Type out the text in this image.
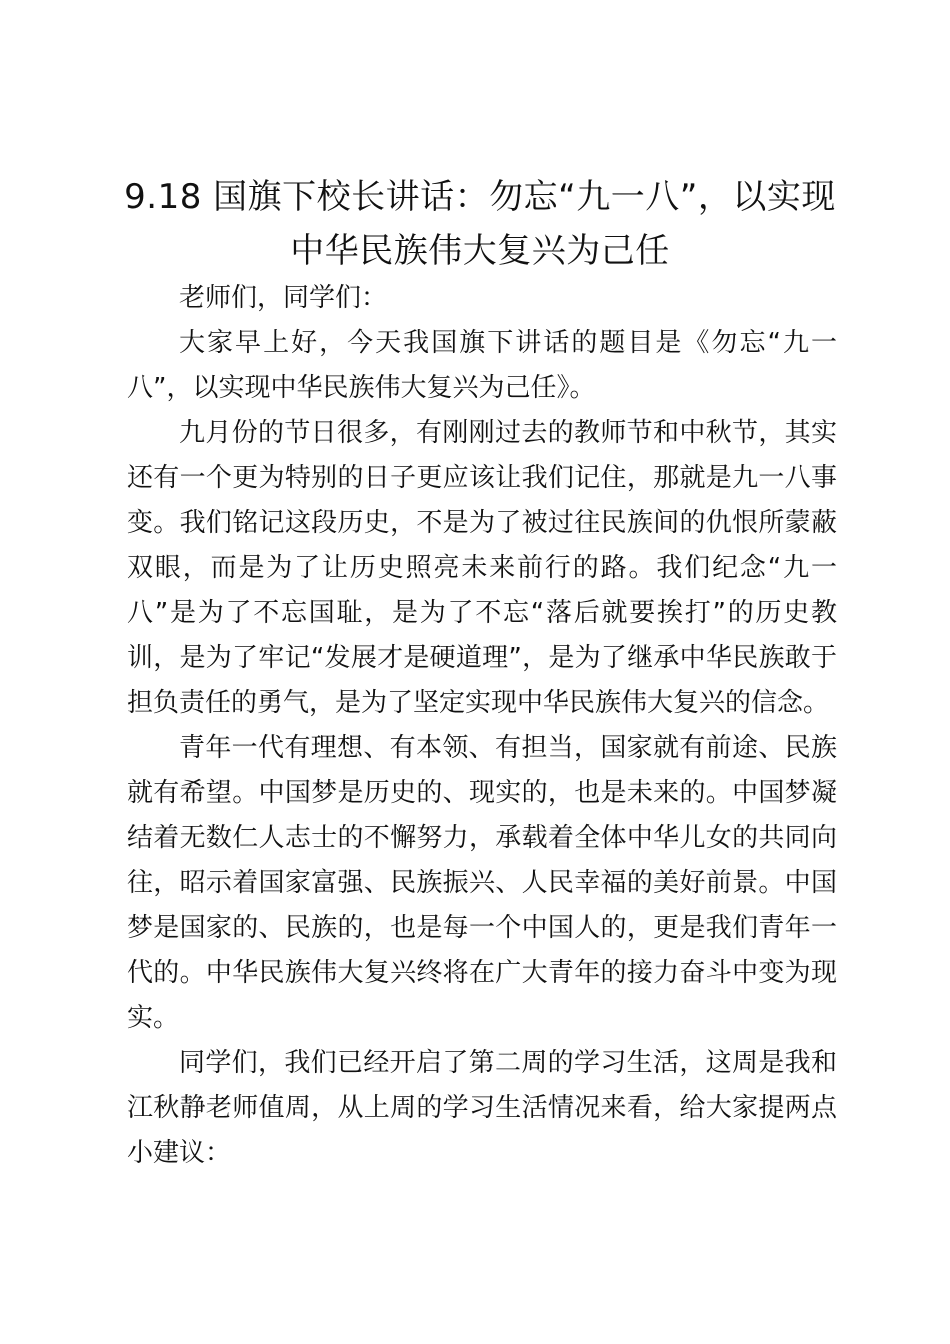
9.18 国旗下校长讲话：勿忘“九一八”，以实现中华民族伟大复兴为己任

老师们，同学们：

大家早上好，今天我国旗下讲话的题目是《勿忘“九一八”，以实现中华民族伟大复兴为己任》。

九月份的节日很多，有刚刚过去的教师节和中秋节，其实还有一个更为特别的日子更应该让我们记住，那就是九一八事变。我们铭记这段历史，不是为了被过往民族间的仇恨所蒙蔽双眼，而是为了让历史照亮未来前行的路。我们纪念“九一八”是为了不忘国耻，是为了不忘“落后就要挨打”的历史教训，是为了牢记“发展才是硬道理”，是为了继承中华民族敢于担负责任的勇气，是为了坚定实现中华民族伟大复兴的信念。

青年一代有理想、有本领、有担当，国家就有前途、民族就有希望。中国梦是历史的、现实的，也是未来的。中国梦凝结着无数仁人志士的不懈努力，承载着全体中华儿女的共同向往，昭示着国家富强、民族振兴、人民幸福的美好前景。中国梦是国家的、民族的，也是每一个中国人的，更是我们青年一代的。中华民族伟大复兴终将在广大青年的接力奋斗中变为现实。

同学们，我们已经开启了第二周的学习生活，这周是我和江秋静老师值周，从上周的学习生活情况来看，给大家提两点小建议：
